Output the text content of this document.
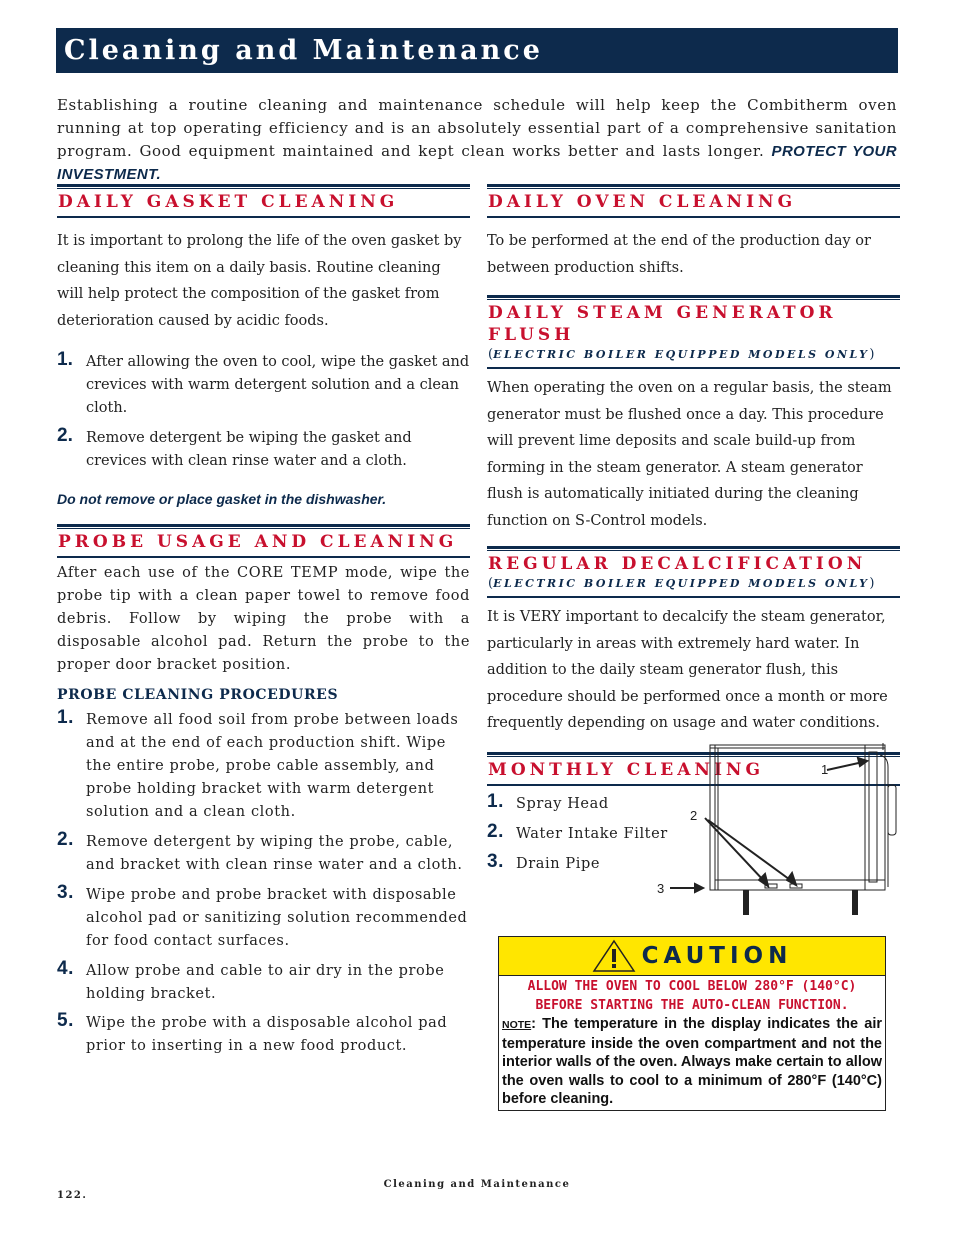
Cleaning and Maintenance

Establishing a routine cleaning and maintenance schedule will help keep the Combitherm oven running at top operating efficiency and is an absolutely essential part of a comprehensive sanitation program. Good equipment maintained and kept clean works better and lasts longer. PROTECT YOUR INVESTMENT.

DAILY GASKET CLEANING

It is important to prolong the life of the oven gasket by cleaning this item on a daily basis. Routine cleaning will help protect the composition of the gasket from deterioration caused by acidic foods.

1. After allowing the oven to cool, wipe the gasket and crevices with warm detergent solution and a clean cloth.
2. Remove detergent be wiping the gasket and crevices with clean rinse water and a cloth.

Do not remove or place gasket in the dishwasher.

PROBE USAGE AND CLEANING

After each use of the CORE TEMP mode, wipe the probe tip with a clean paper towel to remove food debris. Follow by wiping the probe with a disposable alcohol pad. Return the probe to the proper door bracket position.

PROBE CLEANING PROCEDURES

1. Remove all food soil from probe between loads and at the end of each production shift. Wipe the entire probe, probe cable assembly, and probe holding bracket with warm detergent solution and a clean cloth.
2. Remove detergent by wiping the probe, cable, and bracket with clean rinse water and a cloth.
3. Wipe probe and probe bracket with disposable alcohol pad or sanitizing solution recommended for food contact surfaces.
4. Allow probe and cable to air dry in the probe holding bracket.
5. Wipe the probe with a disposable alcohol pad prior to inserting in a new food product.
DAILY OVEN CLEANING

To be performed at the end of the production day or between production shifts.

DAILY STEAM GENERATOR FLUSH
(ELECTRIC BOILER EQUIPPED MODELS ONLY)

When operating the oven on a regular basis, the steam generator must be flushed once a day. This procedure will prevent lime deposits and scale build-up from forming in the steam generator. A steam generator flush is automatically initiated during the cleaning function on S-Control models.

REGULAR DECALCIFICATION
(ELECTRIC BOILER EQUIPPED MODELS ONLY)

It is VERY important to decalcify the steam generator, particularly in areas with extremely hard water. In addition to the daily steam generator flush, this procedure should be performed once a month or more frequently depending on usage and water conditions.

MONTHLY CLEANING
1. Spray Head
2. Water Intake Filter
3. Drain Pipe
1
2
3
CAUTION
ALLOW THE OVEN TO COOL BELOW 280°F (140°C)
BEFORE STARTING THE AUTO-CLEAN FUNCTION.

NOTE: The temperature in the display indicates the air temperature inside the oven compartment and not the interior walls of the oven. Always make certain to allow the oven walls to cool to a minimum of 280°F (140°C) before cleaning.

Cleaning and Maintenance
122.
